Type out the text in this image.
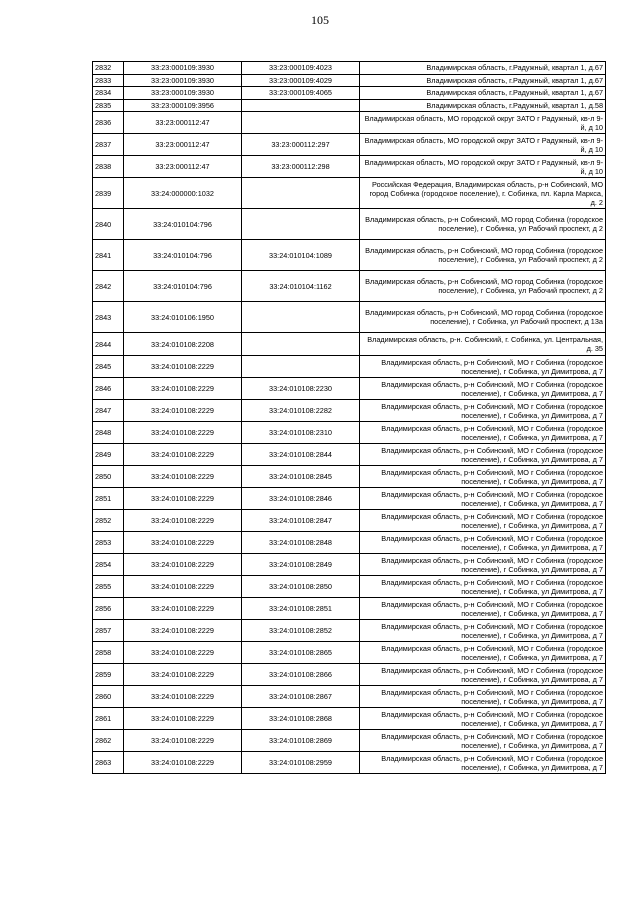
105
2832	33:23:000109:3930	33:23:000109:4023	Владимирская область, г.Радужный, квартал 1, д.67
2833	33:23:000109:3930	33:23:000109:4029	Владимирская область, г.Радужный, квартал 1, д.67
2834	33:23:000109:3930	33:23:000109:4065	Владимирская область, г.Радужный, квартал 1, д.67
2835	33:23:000109:3956		Владимирская область, г.Радужный, квартал 1, д.58
2836	33:23:000112:47		Владимирская область, МО городской округ ЗАТО г Радужный, кв-л 9-й, д 10
2837	33:23:000112:47	33:23:000112:297	Владимирская область, МО городской округ ЗАТО г Радужный, кв-л 9-й, д 10
2838	33:23:000112:47	33:23:000112:298	Владимирская область, МО городской округ ЗАТО г Радужный, кв-л 9-й, д 10
2839	33:24:000000:1032		Российская Федерация, Владимирская область, р-н Собинский, МО город Собинка (городское поселение), г. Собинка, пл. Карла Маркса, д. 2
2840	33:24:010104:796		Владимирская область, р-н Собинский, МО город Собинка (городское поселение), г Собинка, ул Рабочий проспект, д 2
2841	33:24:010104:796	33:24:010104:1089	Владимирская область, р-н Собинский, МО город Собинка (городское поселение), г Собинка, ул Рабочий проспект, д 2
2842	33:24:010104:796	33:24:010104:1162	Владимирская область, р-н Собинский, МО город Собинка (городское поселение), г Собинка, ул Рабочий проспект, д 2
2843	33:24:010106:1950		Владимирская область, р-н Собинский, МО город Собинка (городское поселение), г Собинка, ул Рабочий проспект, д 13а
2844	33:24:010108:2208		Владимирская область, р-н. Собинский, г. Собинка, ул. Центральная, д. 35
2845	33:24:010108:2229		Владимирская область, р-н Собинский, МО г Собинка (городское поселение), г Собинка, ул Димитрова, д 7
2846	33:24:010108:2229	33:24:010108:2230	Владимирская область, р-н Собинский, МО г Собинка (городское поселение), г Собинка, ул Димитрова, д 7
2847	33:24:010108:2229	33:24:010108:2282	Владимирская область, р-н Собинский, МО г Собинка (городское поселение), г Собинка, ул Димитрова, д 7
2848	33:24:010108:2229	33:24:010108:2310	Владимирская область, р-н Собинский, МО г Собинка (городское поселение), г Собинка, ул Димитрова, д 7
2849	33:24:010108:2229	33:24:010108:2844	Владимирская область, р-н Собинский, МО г Собинка (городское поселение), г Собинка, ул Димитрова, д 7
2850	33:24:010108:2229	33:24:010108:2845	Владимирская область, р-н Собинский, МО г Собинка (городское поселение), г Собинка, ул Димитрова, д 7
2851	33:24:010108:2229	33:24:010108:2846	Владимирская область, р-н Собинский, МО г Собинка (городское поселение), г Собинка, ул Димитрова, д 7
2852	33:24:010108:2229	33:24:010108:2847	Владимирская область, р-н Собинский, МО г Собинка (городское поселение), г Собинка, ул Димитрова, д 7
2853	33:24:010108:2229	33:24:010108:2848	Владимирская область, р-н Собинский, МО г Собинка (городское поселение), г Собинка, ул Димитрова, д 7
2854	33:24:010108:2229	33:24:010108:2849	Владимирская область, р-н Собинский, МО г Собинка (городское поселение), г Собинка, ул Димитрова, д 7
2855	33:24:010108:2229	33:24:010108:2850	Владимирская область, р-н Собинский, МО г Собинка (городское поселение), г Собинка, ул Димитрова, д 7
2856	33:24:010108:2229	33:24:010108:2851	Владимирская область, р-н Собинский, МО г Собинка (городское поселение), г Собинка, ул Димитрова, д 7
2857	33:24:010108:2229	33:24:010108:2852	Владимирская область, р-н Собинский, МО г Собинка (городское поселение), г Собинка, ул Димитрова, д 7
2858	33:24:010108:2229	33:24:010108:2865	Владимирская область, р-н Собинский, МО г Собинка (городское поселение), г Собинка, ул Димитрова, д 7
2859	33:24:010108:2229	33:24:010108:2866	Владимирская область, р-н Собинский, МО г Собинка (городское поселение), г Собинка, ул Димитрова, д 7
2860	33:24:010108:2229	33:24:010108:2867	Владимирская область, р-н Собинский, МО г Собинка (городское поселение), г Собинка, ул Димитрова, д 7
2861	33:24:010108:2229	33:24:010108:2868	Владимирская область, р-н Собинский, МО г Собинка (городское поселение), г Собинка, ул Димитрова, д 7
2862	33:24:010108:2229	33:24:010108:2869	Владимирская область, р-н Собинский, МО г Собинка (городское поселение), г Собинка, ул Димитрова, д 7
2863	33:24:010108:2229	33:24:010108:2959	Владимирская область, р-н Собинский, МО г Собинка (городское поселение), г Собинка, ул Димитрова, д 7
